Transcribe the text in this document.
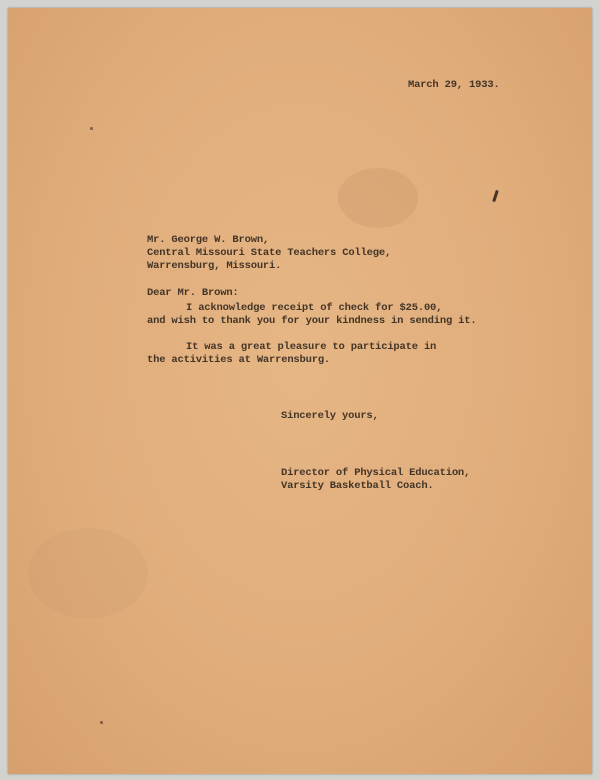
March 29, 1933.
Mr. George W. Brown,
Central Missouri State Teachers College,
Warrensburg, Missouri.
Dear Mr. Brown:
I acknowledge receipt of check for $25.00,
and wish to thank you for your kindness in sending it.
It was a great pleasure to participate in
the activities at Warrensburg.
Sincerely yours,
Director of Physical Education,
Varsity Basketball Coach.
